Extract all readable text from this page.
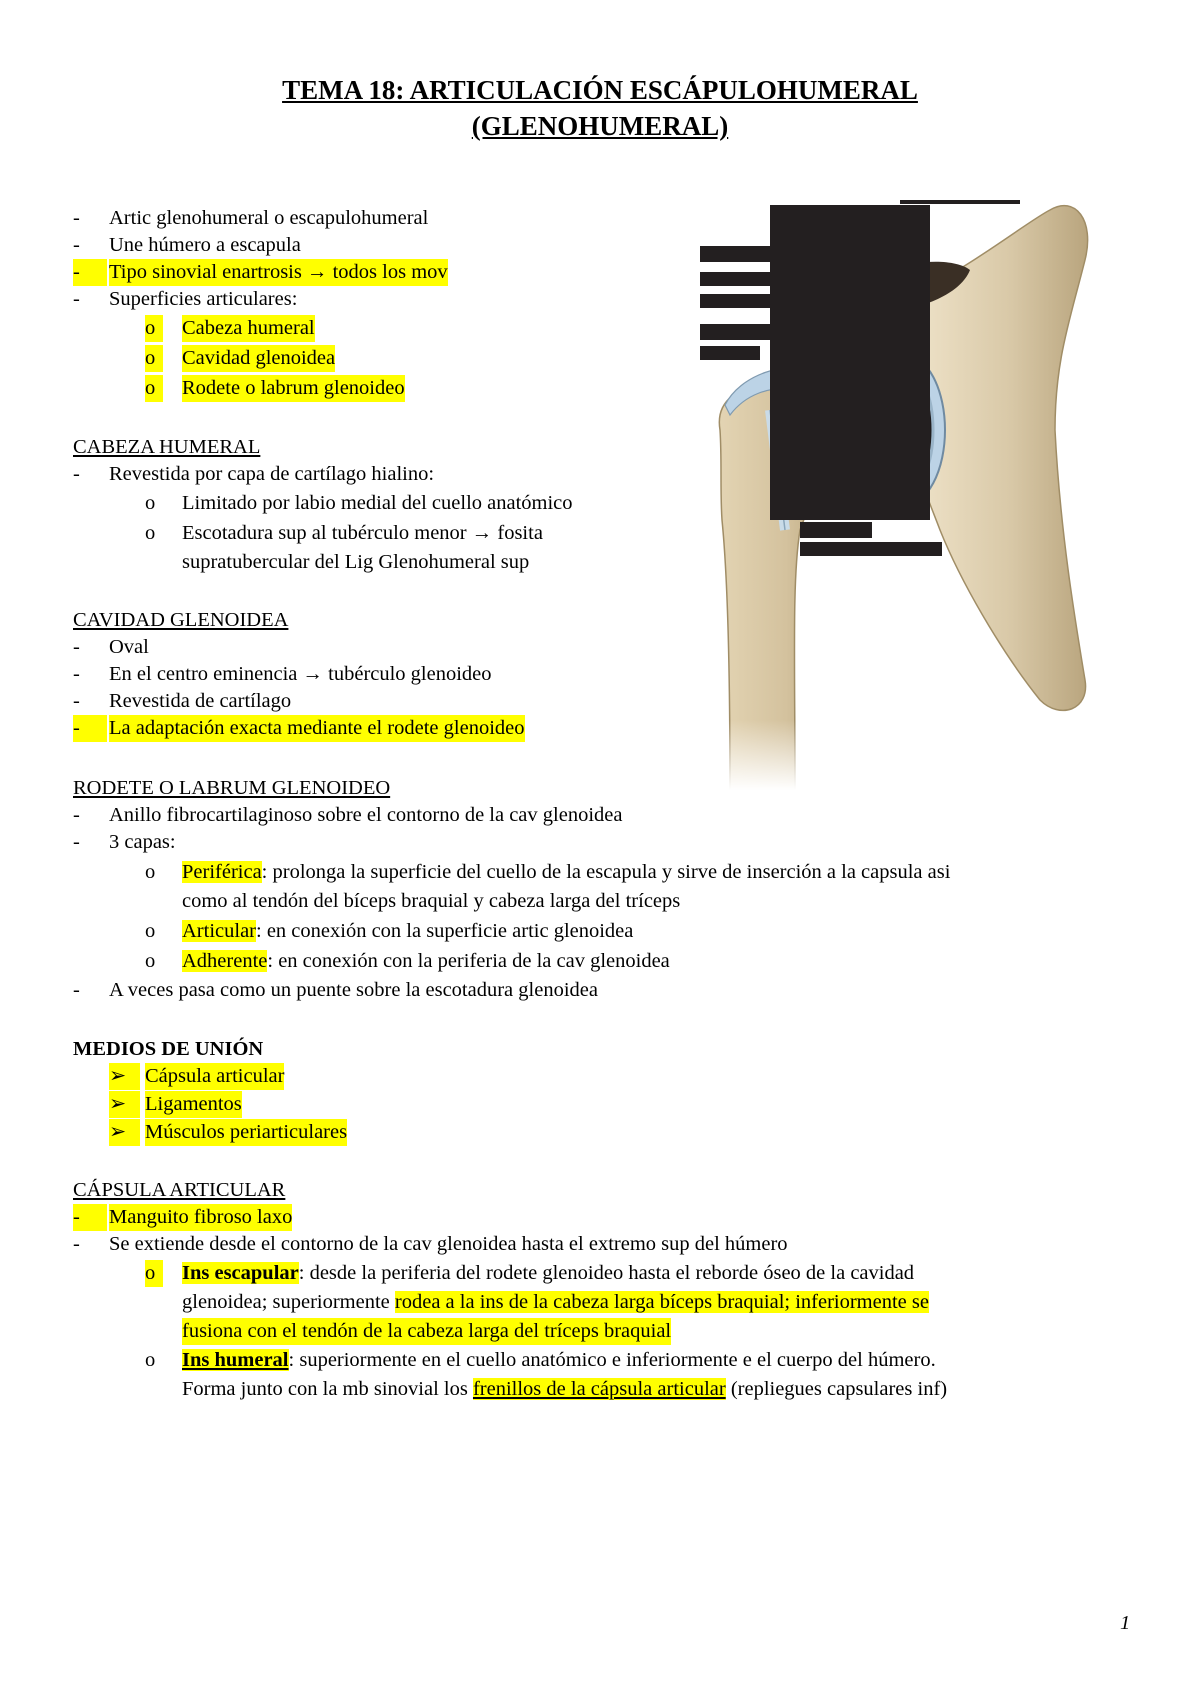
TEMA 18: ARTICULACIÓN ESCÁPULOHUMERAL
(GLENOHUMERAL)
- Artic glenohumeral o escapulohumeral
- Une húmero a escapula
-	Tipo sinovial enartrosis → todos los mov
- Superficies articulares:
o	Cabeza humeral
o	Cavidad glenoidea
o	Rodete o labrum glenoideo
CABEZA HUMERAL
- Revestida por capa de cartílago hialino:
o Limitado por labio medial del cuello anatómico
o Escotadura sup al tubérculo menor → fosita
supratubercular del Lig Glenohumeral sup
CAVIDAD GLENOIDEA
- Oval
- En el centro eminencia → tubérculo glenoideo
- Revestida de cartílago
-	La adaptación exacta mediante el rodete glenoideo
RODETE O LABRUM GLENOIDEO
- Anillo fibrocartilaginoso sobre el contorno de la cav glenoidea
- 3 capas:
o Periférica: prolonga la superficie del cuello de la escapula y sirve de inserción a la capsula asi
como al tendón del bíceps braquial y cabeza larga del tríceps
o Articular: en conexión con la superficie artic glenoidea
o Adherente: en conexión con la periferia de la cav glenoidea
- A veces pasa como un puente sobre la escotadura glenoidea
MEDIOS DE UNIÓN
➢ Cápsula articular
➢ Ligamentos
➢ Músculos periarticulares
CÁPSULA ARTICULAR
-	Manguito fibroso laxo
- Se extiende desde el contorno de la cav glenoidea hasta el extremo sup del húmero
o	Ins escapular: desde la periferia del rodete glenoideo hasta el reborde óseo de la cavidad
glenoidea; superiormente rodea a la ins de la cabeza larga bíceps braquial; inferiormente se
fusiona con el tendón de la cabeza larga del tríceps braquial
o Ins humeral: superiormente en el cuello anatómico e inferiormente e el cuerpo del húmero.
Forma junto con la mb sinovial los frenillos de la cápsula articular (repliegues capsulares inf)
1
